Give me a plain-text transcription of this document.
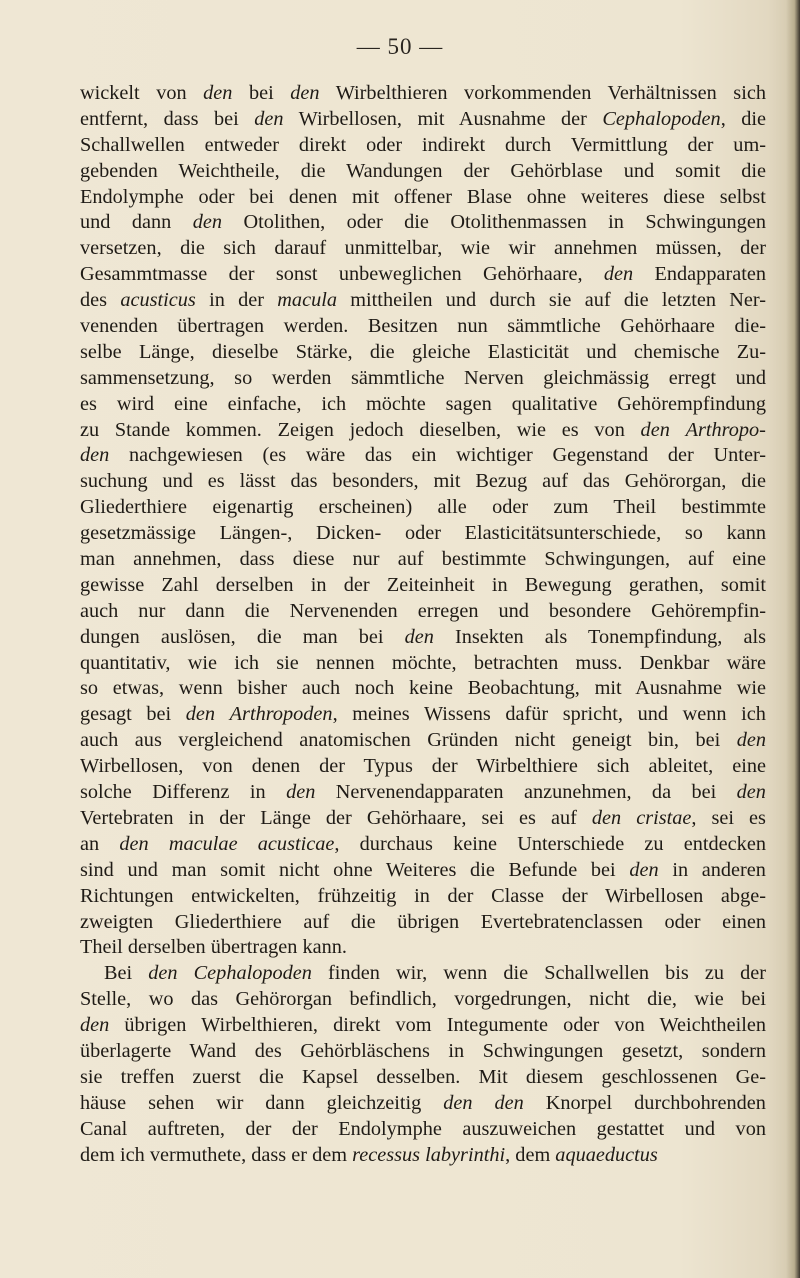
— 50 —
wickelt von den bei den Wirbelthieren vorkommenden Verhältnissen sich
entfernt, dass bei den Wirbellosen, mit Ausnahme der Cephalopoden, die
Schallwellen entweder direkt oder indirekt durch Vermittlung der um-
gebenden Weichtheile, die Wandungen der Gehörblase und somit die
Endolymphe oder bei denen mit offener Blase ohne weiteres diese selbst
und dann den Otolithen, oder die Otolithenmassen in Schwingungen
versetzen, die sich darauf unmittelbar, wie wir annehmen müssen, der
Gesammtmasse der sonst unbeweglichen Gehörhaare, den Endapparaten
des acusticus in der macula mittheilen und durch sie auf die letzten Ner-
venenden übertragen werden. Besitzen nun sämmtliche Gehörhaare die-
selbe Länge, dieselbe Stärke, die gleiche Elasticität und chemische Zu-
sammensetzung, so werden sämmtliche Nerven gleichmässig erregt und
es wird eine einfache, ich möchte sagen qualitative Gehörempfindung
zu Stande kommen. Zeigen jedoch dieselben, wie es von den Arthropo-
den nachgewiesen (es wäre das ein wichtiger Gegenstand der Unter-
suchung und es lässt das besonders, mit Bezug auf das Gehörorgan, die
Gliederthiere eigenartig erscheinen) alle oder zum Theil bestimmte
gesetzmässige Längen-, Dicken- oder Elasticitätsunterschiede, so kann
man annehmen, dass diese nur auf bestimmte Schwingungen, auf eine
gewisse Zahl derselben in der Zeiteinheit in Bewegung gerathen, somit
auch nur dann die Nervenenden erregen und besondere Gehörempfin-
dungen auslösen, die man bei den Insekten als Tonempfindung, als
quantitativ, wie ich sie nennen möchte, betrachten muss. Denkbar wäre
so etwas, wenn bisher auch noch keine Beobachtung, mit Ausnahme wie
gesagt bei den Arthropoden, meines Wissens dafür spricht, und wenn ich
auch aus vergleichend anatomischen Gründen nicht geneigt bin, bei den
Wirbellosen, von denen der Typus der Wirbelthiere sich ableitet, eine
solche Differenz in den Nervenendapparaten anzunehmen, da bei den
Vertebraten in der Länge der Gehörhaare, sei es auf den cristae, sei es
an den maculae acusticae, durchaus keine Unterschiede zu entdecken
sind und man somit nicht ohne Weiteres die Befunde bei den in anderen
Richtungen entwickelten, frühzeitig in der Classe der Wirbellosen abge-
zweigten Gliederthiere auf die übrigen Evertebratenclassen oder einen
Theil derselben übertragen kann.
Bei den Cephalopoden finden wir, wenn die Schallwellen bis zu der
Stelle, wo das Gehörorgan befindlich, vorgedrungen, nicht die, wie bei
den übrigen Wirbelthieren, direkt vom Integumente oder von Weichtheilen
überlagerte Wand des Gehörbläschens in Schwingungen gesetzt, sondern
sie treffen zuerst die Kapsel desselben. Mit diesem geschlossenen Ge-
häuse sehen wir dann gleichzeitig den den Knorpel durchbohrenden
Canal auftreten, der der Endolymphe auszuweichen gestattet und von
dem ich vermuthete, dass er dem recessus labyrinthi, dem aquaeductus
